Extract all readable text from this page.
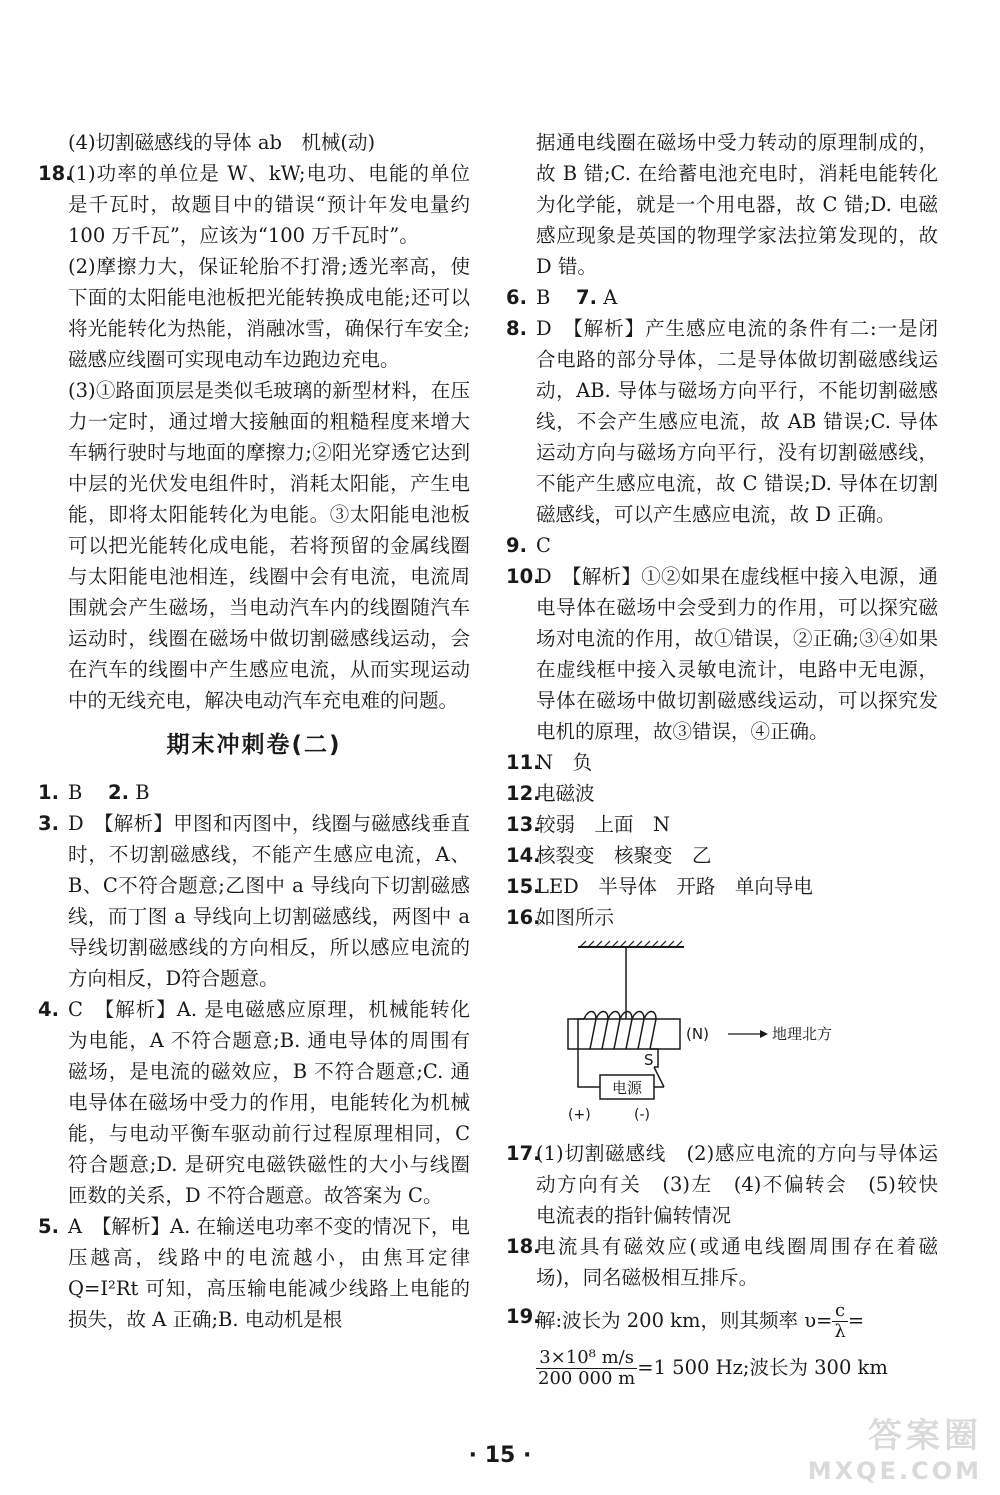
(4)切割磁感线的导体 ab　机械(动)
18.
(1)功率的单位是 W、kW;电功、电能的单位是千瓦时，故题目中的错误“预计年发电量约 100 万千瓦”，应该为“100 万千瓦时”。
(2)摩擦力大，保证轮胎不打滑;透光率高，使下面的太阳能电池板把光能转换成电能;还可以将光能转化为热能，消融冰雪，确保行车安全;磁感应线圈可实现电动车边跑边充电。
(3)①路面顶层是类似毛玻璃的新型材料，在压力一定时，通过增大接触面的粗糙程度来增大车辆行驶时与地面的摩擦力;②阳光穿透它达到中层的光伏发电组件时，消耗太阳能，产生电能，即将太阳能转化为电能。③太阳能电池板可以把光能转化成电能，若将预留的金属线圈与太阳能电池相连，线圈中会有电流，电流周围就会产生磁场，当电动汽车内的线圈随汽车运动时，线圈在磁场中做切割磁感线运动，会在汽车的线圈中产生感应电流，从而实现运动中的无线充电，解决电动汽车充电难的问题。
期末冲刺卷(二)
1. B　 2. B
3. D　【解析】甲图和丙图中，线圈与磁感线垂直时，不切割磁感线，不能产生感应电流，A、B、C不符合题意;乙图中 a 导线向下切割磁感线，而丁图 a 导线向上切割磁感线，两图中 a 导线切割磁感线的方向相反，所以感应电流的方向相反，D符合题意。
4. C　【解析】A. 是电磁感应原理，机械能转化为电能，A 不符合题意;B. 通电导体的周围有磁场，是电流的磁效应，B 不符合题意;C. 通电导体在磁场中受力的作用，电能转化为机械能，与电动平衡车驱动前行过程原理相同，C 符合题意;D. 是研究电磁铁磁性的大小与线圈匝数的关系，D 不符合题意。故答案为 C。
5. A　【解析】A. 在输送电功率不变的情况下，电压越高，线路中的电流越小，由焦耳定律 Q=I²Rt 可知，高压输电能减少线路上电能的损失，故 A 正确;B. 电动机是根
据通电线圈在磁场中受力转动的原理制成的，故 B 错;C. 在给蓄电池充电时，消耗电能转化为化学能，就是一个用电器，故 C 错;D. 电磁感应现象是英国的物理学家法拉第发现的，故 D 错。
6. B　 7. A
8. D　【解析】产生感应电流的条件有二:一是闭合电路的部分导体，二是导体做切割磁感线运动，AB. 导体与磁场方向平行，不能切割磁感线，不会产生感应电流，故 AB 错误;C. 导体运动方向与磁场方向平行，没有切割磁感线，不能产生感应电流，故 C 错误;D. 导体在切割磁感线，可以产生感应电流，故 D 正确。
9. C
10.
D　【解析】①②如果在虚线框中接入电源，通电导体在磁场中会受到力的作用，可以探究磁场对电流的作用，故①错误，②正确;③④如果在虚线框中接入灵敏电流计，电路中无电源，导体在磁场中做切割磁感线运动，可以探究发电机的原理，故③错误，④正确。
11.
N　负
12.
电磁波
13.
较弱　上面　N
14.
核裂变　核聚变　乙
15.
LED　半导体　开路　单向导电
16.
如图所示
电源
S
(+)	(-)
(N)	地理北方
17.
(1)切割磁感线　(2)感应电流的方向与导体运动方向有关　(3)左　(4)不偏转会　(5)较快　电流表的指针偏转情况
18.
电流具有磁效应(或通电线圈周围存在着磁场)，同名磁极相互排斥。
19.
解:波长为 200 km，则其频率 $\upsilon= \frac{c}{\lambda}$ =
$\frac{\text{3×10⁸ m/s}}{200 000 m} =1$ 500 Hz;波长为 300 km
· 15 ·	答案圈
MXQE.COM
